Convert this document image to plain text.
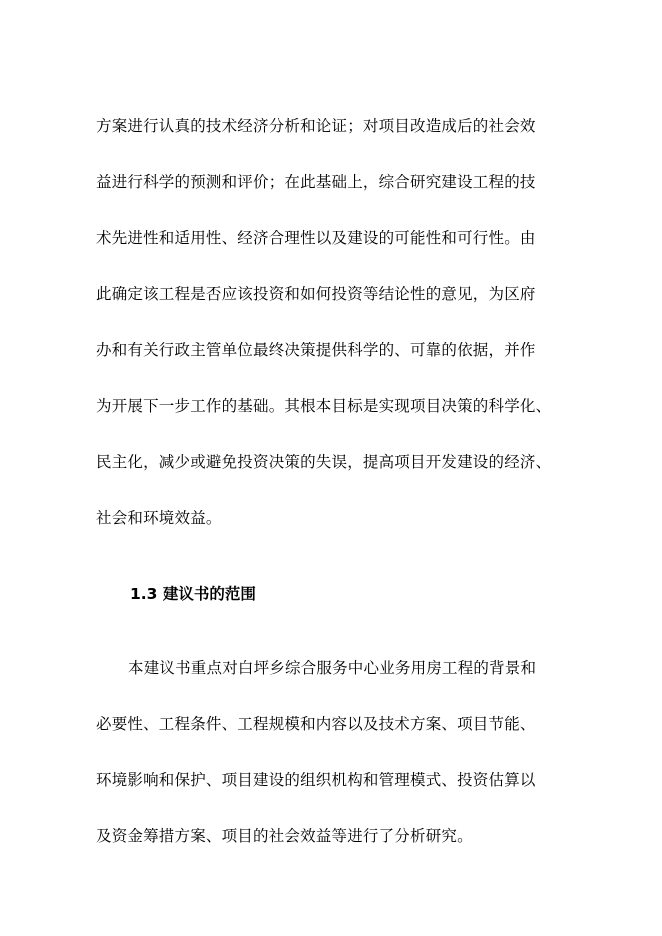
方案进行认真的技术经济分析和论证；对项目改造成后的社会效
益进行科学的预测和评价；在此基础上，综合研究建设工程的技
术先进性和适用性、经济合理性以及建设的可能性和可行性。由
此确定该工程是否应该投资和如何投资等结论性的意见，为区府
办和有关行政主管单位最终决策提供科学的、可靠的依据，并作
为开展下一步工作的基础。其根本目标是实现项目决策的科学化、
民主化，减少或避免投资决策的失误，提高项目开发建设的经济、
社会和环境效益。
1.3 建议书的范围
本建议书重点对白坪乡综合服务中心业务用房工程的背景和
必要性、工程条件、工程规模和内容以及技术方案、项目节能、
环境影响和保护、项目建设的组织机构和管理模式、投资估算以
及资金筹措方案、项目的社会效益等进行了分析研究。
